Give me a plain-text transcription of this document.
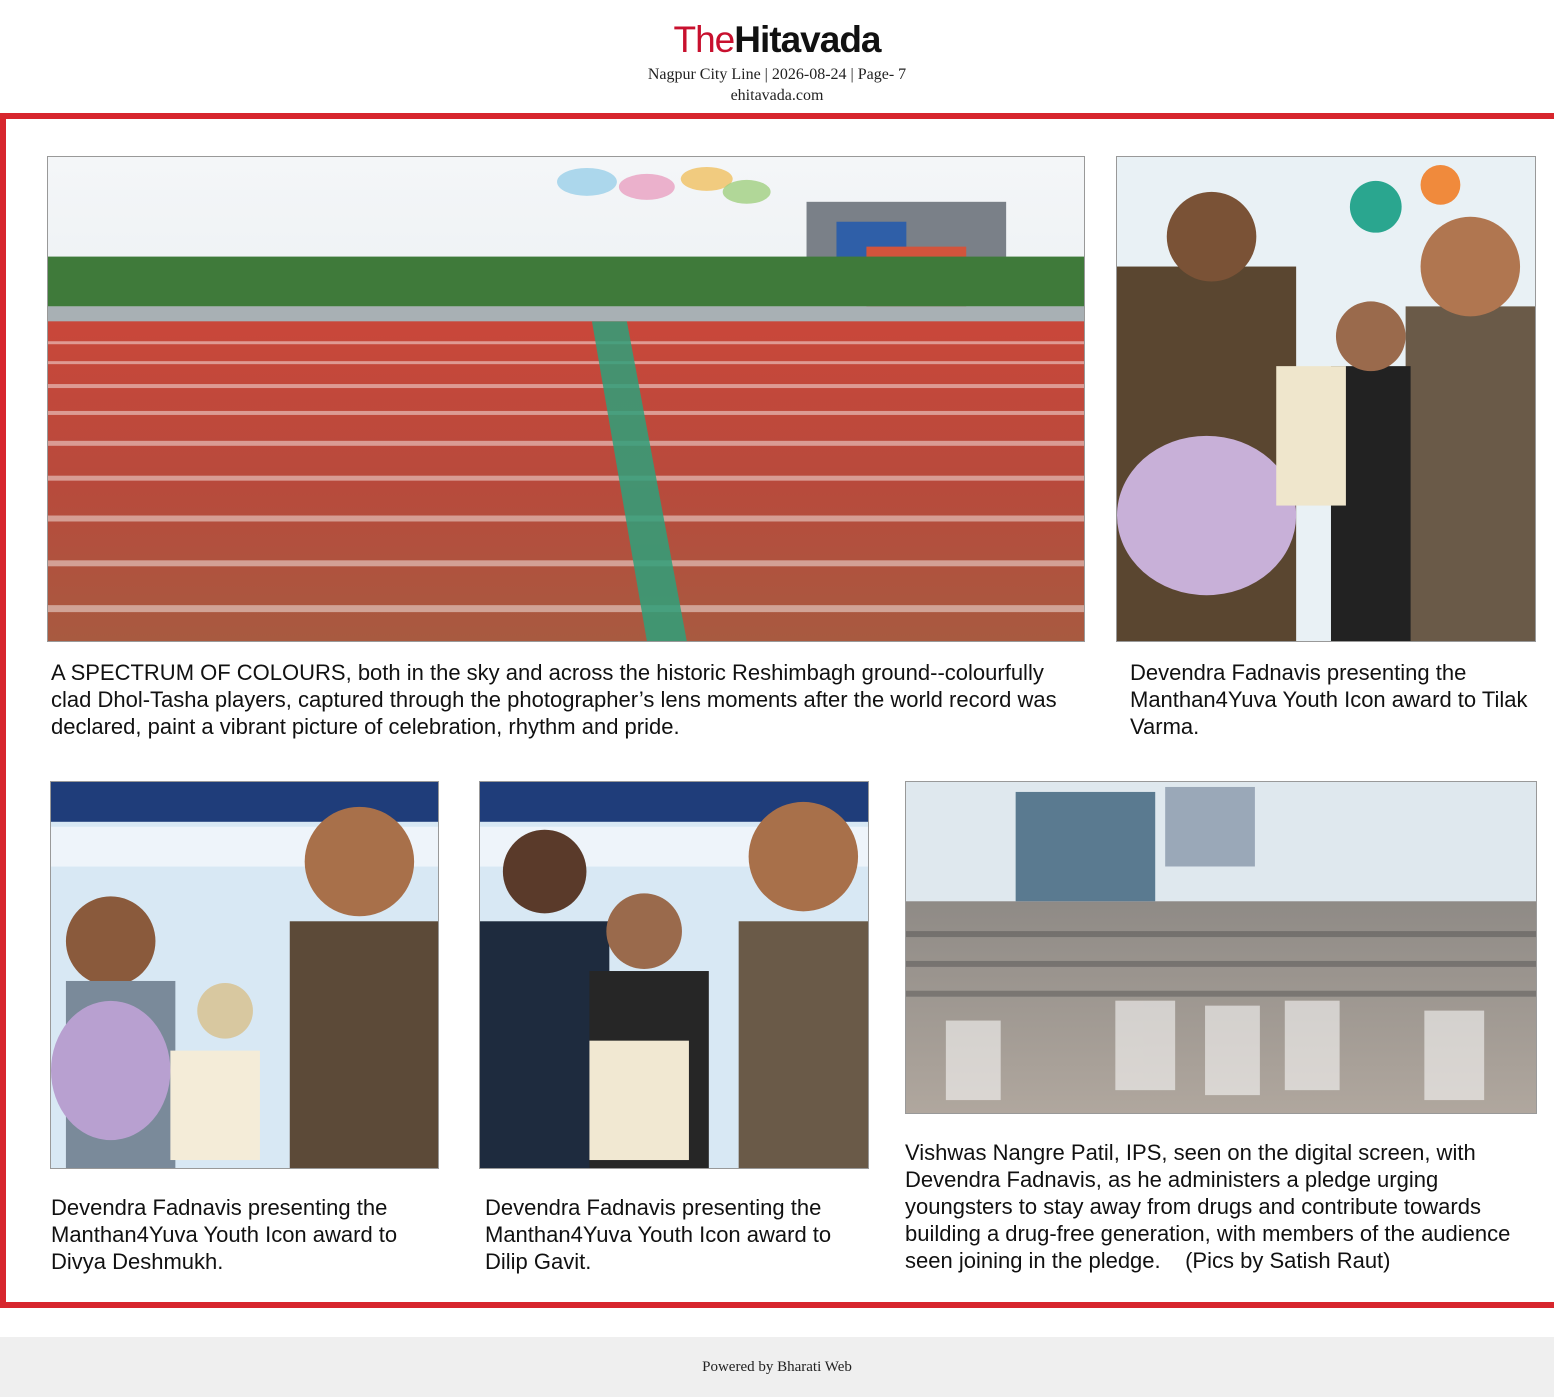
TheHitavada
Nagpur City Line | 2026-08-24 | Page- 7
ehitavada.com
A SPECTRUM OF COLOURS, both in the sky and across the historic Reshimbagh ground--colourfully clad Dhol-Tasha players, captured through the photographer’s lens moments after the world record was declared, paint a vibrant picture of celebration, rhythm and pride.
Devendra Fadnavis presenting the Manthan4Yuva Youth Icon award to Tilak Varma.
Devendra Fadnavis presenting the Manthan4Yuva Youth Icon award to Divya Deshmukh.
Devendra Fadnavis presenting the Manthan4Yuva Youth Icon award to Dilip Gavit.
Vishwas Nangre Patil, IPS, seen on the digital screen, with Devendra Fadnavis, as he administers a pledge urging youngsters to stay away from drugs and contribute towards building a drug-free generation, with members of the audience seen joining in the pledge.    (Pics by Satish Raut)
Powered by Bharati Web
